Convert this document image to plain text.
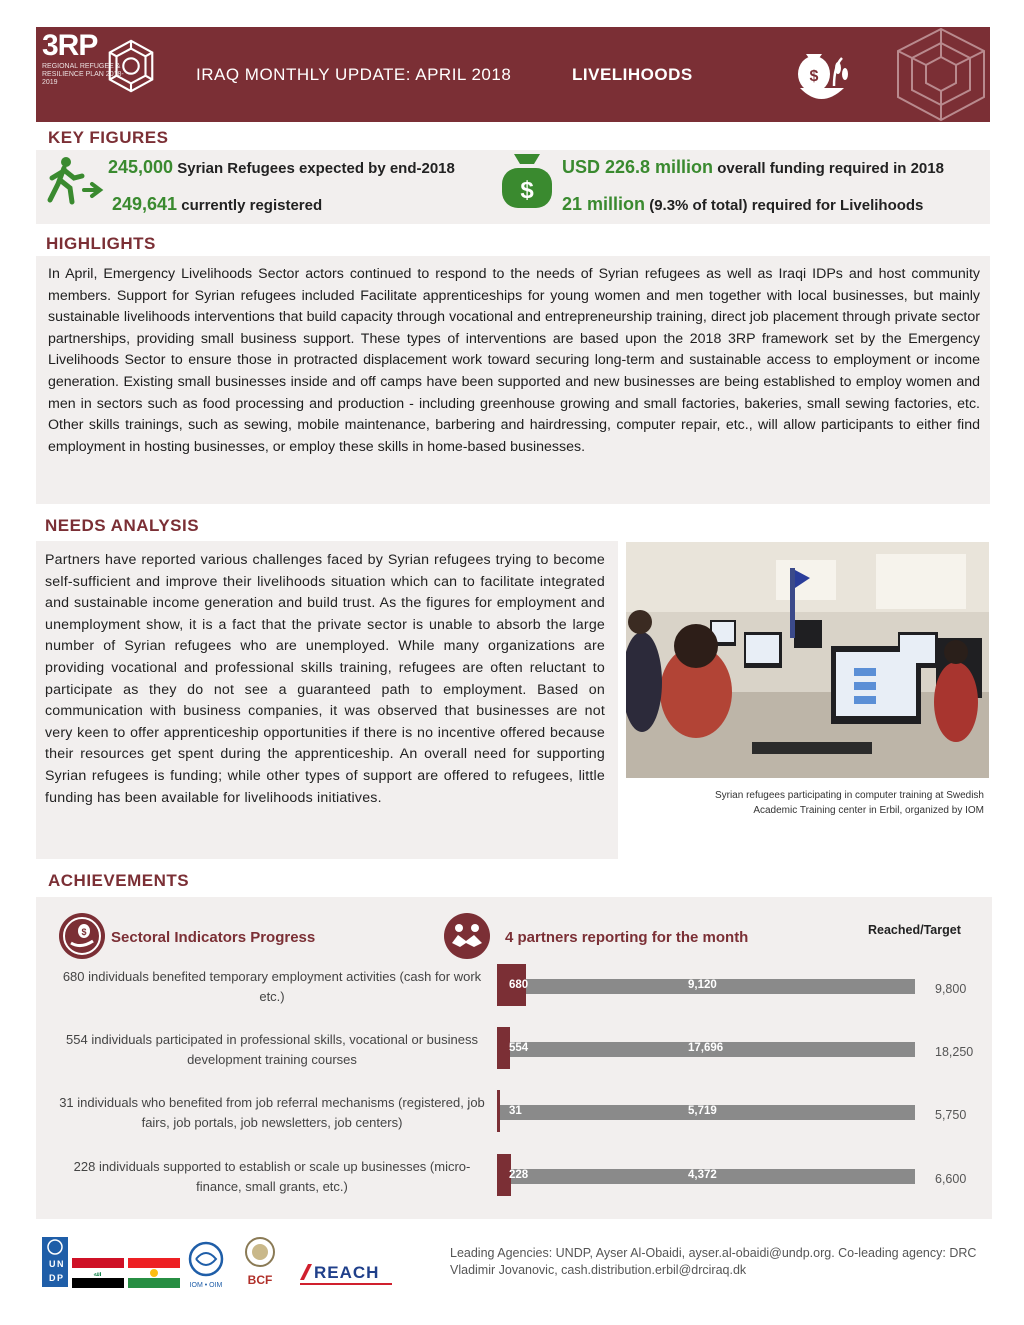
3RP
REGIONAL REFUGEE & RESILIENCE PLAN 2018-2019	IRAQ MONTHLY UPDATE: APRIL 2018	LIVELIHOODS	$
KEY FIGURES
245,000 Syrian Refugees expected by end-2018
249,641 currently registered
$
USD 226.8 million overall funding required in 2018
21 million (9.3% of total) required for Livelihoods
HIGHLIGHTS

In April, Emergency Livelihoods Sector actors continued to respond to the needs of Syrian refugees as well as Iraqi IDPs and host community members. Support for Syrian refugees included Facilitate apprenticeships for young women and men together with local businesses, but mainly sustainable livelihoods interventions that build capacity through vocational and entrepreneurship training, direct job placement through private sector partnerships, providing small business support. These types of interventions are based upon the 2018 3RP framework set by the Emergency Livelihoods Sector to ensure those in protracted displacement work toward securing long-term and sustainable access to employment or income generation. Existing small businesses inside and off camps have been supported and new businesses are being established to employ women and men in sectors such as food processing and production - including greenhouse growing and small factories, bakeries, small sewing factories, etc. Other skills trainings, such as sewing, mobile maintenance, barbering and hairdressing, computer repair, etc., will allow participants to either find employment in hosting businesses, or employ these skills in home-based businesses.

NEEDS ANALYSIS

Partners have reported various challenges faced by Syrian refugees trying to become self-sufficient and improve their livelihoods situation which can to facilitate integrated and sustainable income generation and build trust. As the figures for employment and unemployment show, it is a fact that the private sector is unable to absorb the large number of Syrian refugees who are unemployed. While many organizations are providing vocational and professional skills training, refugees are often reluctant to participate as they do not see a guaranteed path to employment. Based on communication with business companies, it was observed that businesses are not very keen to offer apprenticeship opportunities if there is no incentive offered because their resources get spent during the apprenticeship. An overall need for supporting Syrian refugees is funding; while other types of support are offered to refugees, little funding has been available for livelihoods initiatives.	Syrian refugees participating in computer training at Swedish Academic Training center in Erbil, organized by IOM
ACHIEVEMENTS
$ Sectoral Indicators Progress	4 partners reporting for the month	Reached/Target
680 individuals benefited temporary employment activities (cash for work etc.)
680	9,120	9,800
554 individuals participated in professional skills, vocational or business development training courses
554	17,696	18,250
31 individuals who benefited from job referral mechanisms (registered, job fairs, job portals, job newsletters, job centers)
31	5,719	5,750
228 individuals supported to establish or scale up businesses (micro-finance, small grants, etc.)
228	4,372	6,600
U N
D P	ا ﷲ
IOM • OIM BCF REACH
Leading Agencies: UNDP, Ayser Al-Obaidi, ayser.al-obaidi@undp.org. Co-leading agency: DRC
Vladimir Jovanovic, cash.distribution.erbil@drciraq.dk
